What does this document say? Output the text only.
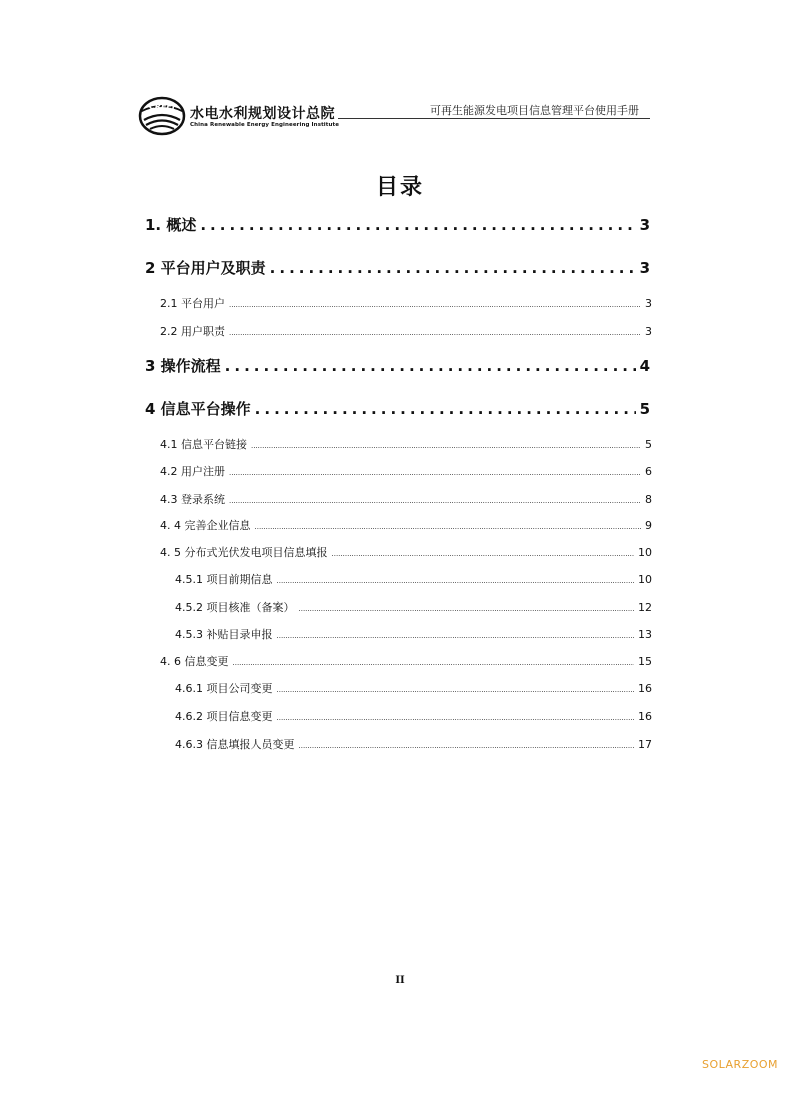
CREEI 水电水利规划设计总院
China Renewable Energy Engineering Institute
可再生能源发电项目信息管理平台使用手册
目录
1. 概述 .....	3
2 平台用户及职责 .....	3
2.1 平台用户 .....	3
2.2 用户职责 .....	3
3 操作流程 .....	4
4 信息平台操作 .....	5
4.1 信息平台链接 .....	5
4.2 用户注册 .....	6
4.3 登录系统 .....	8
4. 4 完善企业信息 .....	9
4. 5 分布式光伏发电项目信息填报 .....	10
4.5.1 项目前期信息 .....	10
4.5.2 项目核准（备案） .....	12
4.5.3 补贴目录申报 .....	13
4. 6 信息变更 .....	15
4.6.1 项目公司变更 .....	16
4.6.2 项目信息变更 .....	16
4.6.3 信息填报人员变更 .....	17
II
SOLARZOOM
